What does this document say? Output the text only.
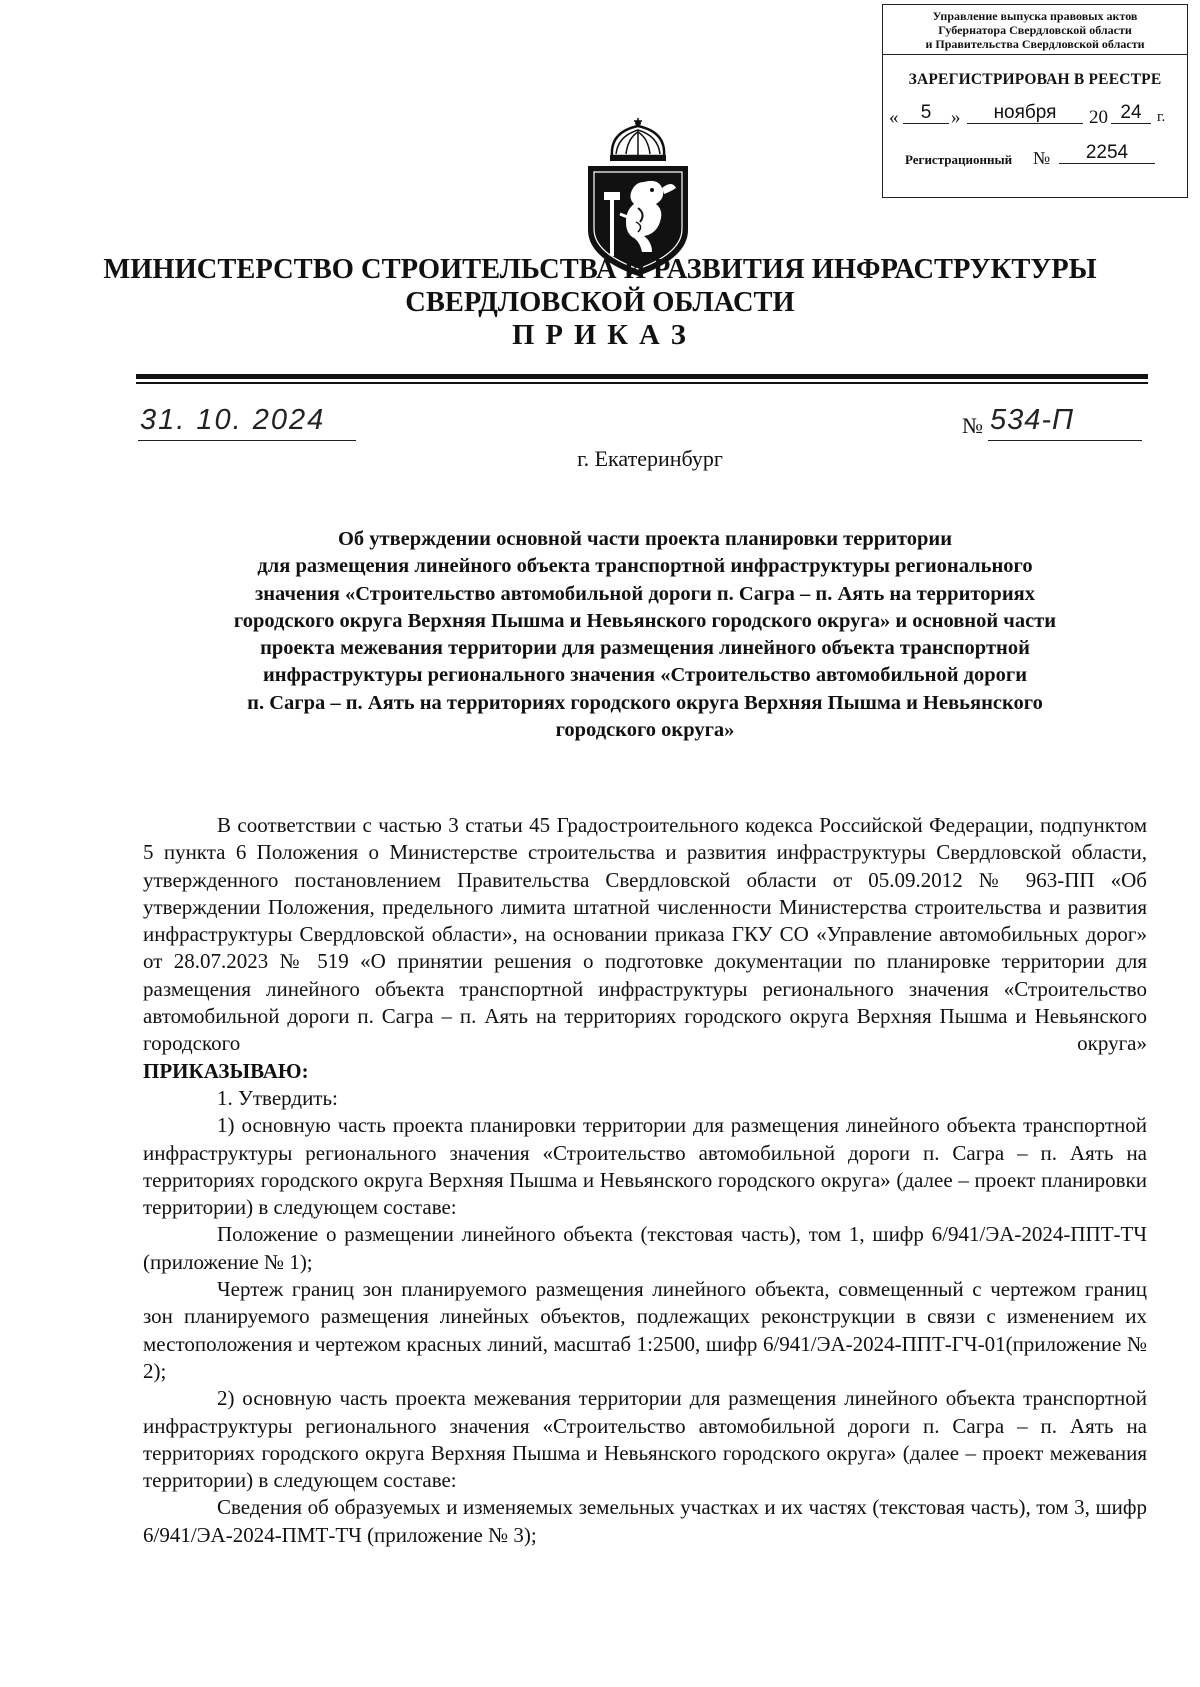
Управление выпуска правовых актов
Губернатора Свердловской области
и Правительства Свердловской области
ЗАРЕГИСТРИРОВАН В РЕЕСТРЕ
«	5	»	ноября	20 24	г.
Регистрационный №	2254
МИНИСТЕРСТВО СТРОИТЕЛЬСТВА И РАЗВИТИЯ ИНФРАСТРУКТУРЫ
СВЕРДЛОВСКОЙ ОБЛАСТИ
П Р И К А З
31. 10. 2024	№ 534-П
г. Екатеринбург
Об утверждении основной части проекта планировки территории
для размещения линейного объекта транспортной инфраструктуры регионального
значения «Строительство автомобильной дороги п. Сагра – п. Аять на территориях
городского округа Верхняя Пышма и Невьянского городского округа» и основной части
проекта межевания территории для размещения линейного объекта транспортной
инфраструктуры регионального значения «Строительство автомобильной дороги
п. Сагра – п. Аять на территориях городского округа Верхняя Пышма и Невьянского
городского округа»

В соответствии с частью 3 статьи 45 Градостроительного кодекса Российской Федерации, подпунктом 5 пункта 6 Положения о Министерстве строительства и развития инфраструктуры Свердловской области, утвержденного постановлением Правительства Свердловской области от 05.09.2012 № 963-ПП «Об утверждении Положения, предельного лимита штатной численности Министерства строительства и развития инфраструктуры Свердловской области», на основании приказа ГКУ СО «Управление автомобильных дорог» от 28.07.2023 № 519 «О принятии решения о подготовке документации по планировке территории для размещения линейного объекта транспортной инфраструктуры регионального значения «Строительство автомобильной дороги п. Сагра – п. Аять на территориях городского округа Верхняя Пышма и Невьянского городского округа»

ПРИКАЗЫВАЮ:

1. Утвердить:

1) основную часть проекта планировки территории для размещения линейного объекта транспортной инфраструктуры регионального значения «Строительство автомобильной дороги п. Сагра – п. Аять на территориях городского округа Верхняя Пышма и Невьянского городского округа» (далее – проект планировки территории) в следующем составе:

Положение о размещении линейного объекта (текстовая часть), том 1, шифр 6/941/ЭА-2024-ППТ-ТЧ (приложение № 1);

Чертеж границ зон планируемого размещения линейного объекта, совмещенный с чертежом границ зон планируемого размещения линейных объектов, подлежащих реконструкции в связи с изменением их местоположения и чертежом красных линий, масштаб 1:2500, шифр 6/941/ЭА-2024-ППТ-ГЧ-01(приложение № 2);

2) основную часть проекта межевания территории для размещения линейного объекта транспортной инфраструктуры регионального значения «Строительство автомобильной дороги п. Сагра – п. Аять на территориях городского округа Верхняя Пышма и Невьянского городского округа» (далее – проект межевания территории) в следующем составе:

Сведения об образуемых и изменяемых земельных участках и их частях (текстовая часть), том 3, шифр 6/941/ЭА-2024-ПМТ-ТЧ (приложение № 3);
